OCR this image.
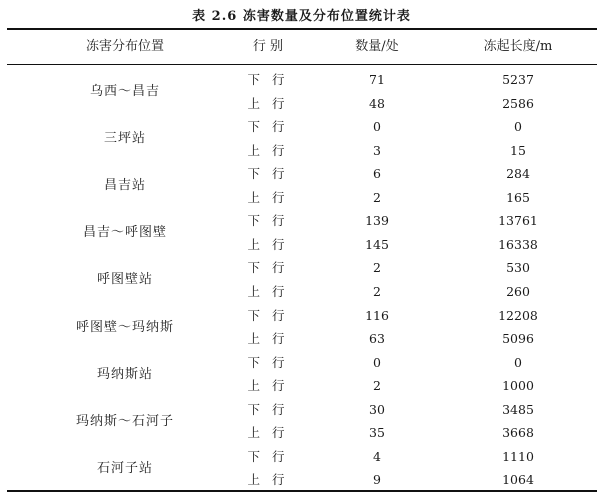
表 2.6 冻害数量及分布位置统计表
冻害分布位置	行 别	数量/处	冻起长度/m
乌西～昌吉
下 行	71	5237
上 行	48	2586
三坪站
下 行	0	0
上 行	3	15
昌吉站
下 行	6	284
上 行	2	165
昌吉～呼图壁
下 行	139	13761
上 行	145	16338
呼图壁站
下 行	2	530
上 行	2	260
呼图壁～玛纳斯
下 行	116	12208
上 行	63	5096
玛纳斯站
下 行	0	0
上 行	2	1000
玛纳斯～石河子
下 行	30	3485
上 行	35	3668
石河子站
下 行	4	1110
上 行	9	1064
